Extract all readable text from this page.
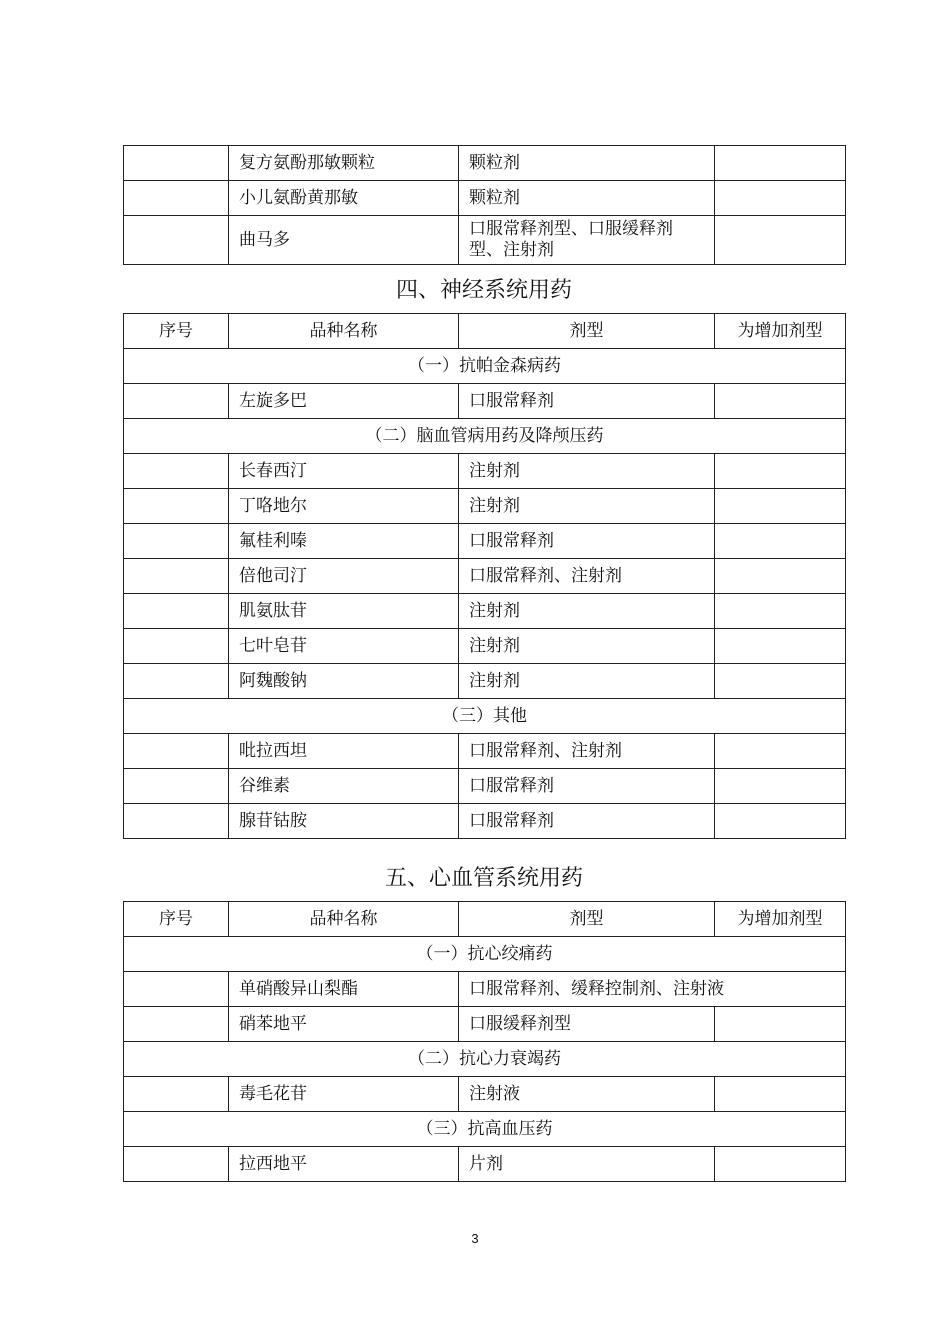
	复方氨酚那敏颗粒	颗粒剂	
	小儿氨酚黄那敏	颗粒剂	
	曲马多	口服常释剂型、口服缓释剂型、注射剂	
四、神经系统用药
序号	品种名称	剂型	为增加剂型
（一）抗帕金森病药			
	左旋多巴	口服常释剂	
（二）脑血管病用药及降颅压药			
	长春西汀	注射剂	
	丁咯地尔	注射剂	
	氟桂利嗪	口服常释剂	
	倍他司汀	口服常释剂、注射剂	
	肌氨肽苷	注射剂	
	七叶皂苷	注射剂	
	阿魏酸钠	注射剂	
（三）其他			
	吡拉西坦	口服常释剂、注射剂	
	谷维素	口服常释剂	
	腺苷钴胺	口服常释剂	
五、心血管系统用药
序号	品种名称	剂型	为增加剂型
（一）抗心绞痛药			
	单硝酸异山梨酯	口服常释剂、缓释控制剂、注射液	
	硝苯地平	口服缓释剂型	
（二）抗心力衰竭药			
	毒毛花苷	注射液	
（三）抗高血压药			
	拉西地平	片剂	
3
